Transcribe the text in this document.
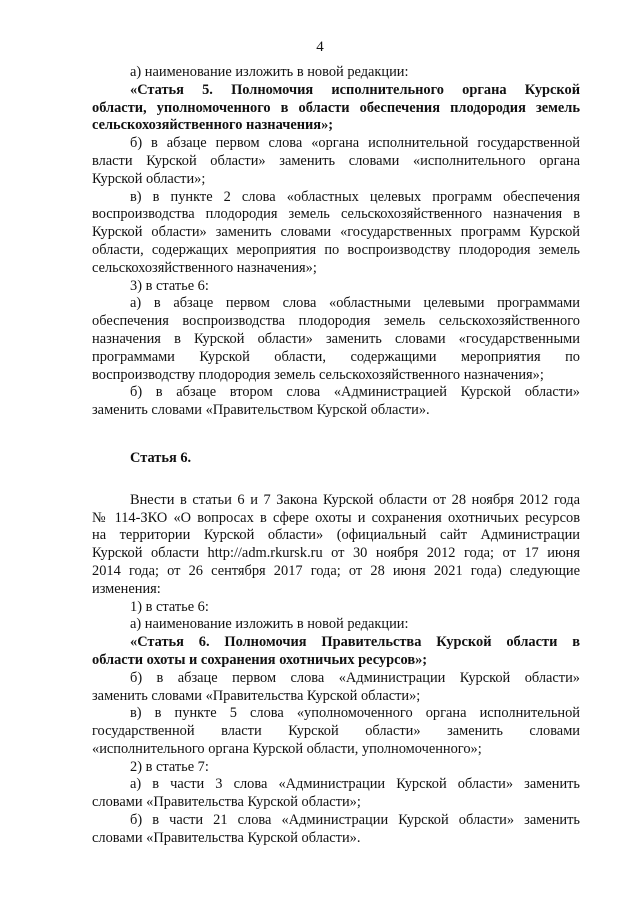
4
а) наименование изложить в новой редакции:
«Статья 5. Полномочия исполнительного органа Курской
области, уполномоченного в области обеспечения плодородия земель
сельскохозяйственного назначения»;
б) в абзаце первом слова «органа исполнительной государственной
власти Курской области» заменить словами «исполнительного органа
Курской области»;
в) в пункте 2 слова «областных целевых программ обеспечения
воспроизводства плодородия земель сельскохозяйственного назначения в
Курской области» заменить словами «государственных программ Курской
области, содержащих мероприятия по воспроизводству плодородия земель
сельскохозяйственного назначения»;
3) в статье 6:
а) в абзаце первом слова «областными целевыми программами
обеспечения воспроизводства плодородия земель сельскохозяйственного
назначения в Курской области» заменить словами «государственными
программами Курской области, содержащими мероприятия по
воспроизводству плодородия земель сельскохозяйственного назначения»;
б) в абзаце втором слова «Администрацией Курской области»
заменить словами «Правительством Курской области».
Статья 6.
Внести в статьи 6 и 7 Закона Курской области от 28 ноября 2012 года
№ 114-ЗКО «О вопросах в сфере охоты и сохранения охотничьих ресурсов
на территории Курской области» (официальный сайт Администрации
Курской области http://adm.rkursk.ru от 30 ноября 2012 года; от 17 июня
2014 года; от 26 сентября 2017 года; от 28 июня 2021 года) следующие
изменения:
1) в статье 6:
а) наименование изложить в новой редакции:
«Статья 6. Полномочия Правительства Курской области в
области охоты и сохранения охотничьих ресурсов»;
б) в абзаце первом слова «Администрации Курской области»
заменить словами «Правительства Курской области»;
в) в пункте 5 слова «уполномоченного органа исполнительной
государственной власти Курской области» заменить словами
«исполнительного органа Курской области, уполномоченного»;
2) в статье 7:
а) в части 3 слова «Администрации Курской области» заменить
словами «Правительства Курской области»;
б) в части 21 слова «Администрации Курской области» заменить
словами «Правительства Курской области».
